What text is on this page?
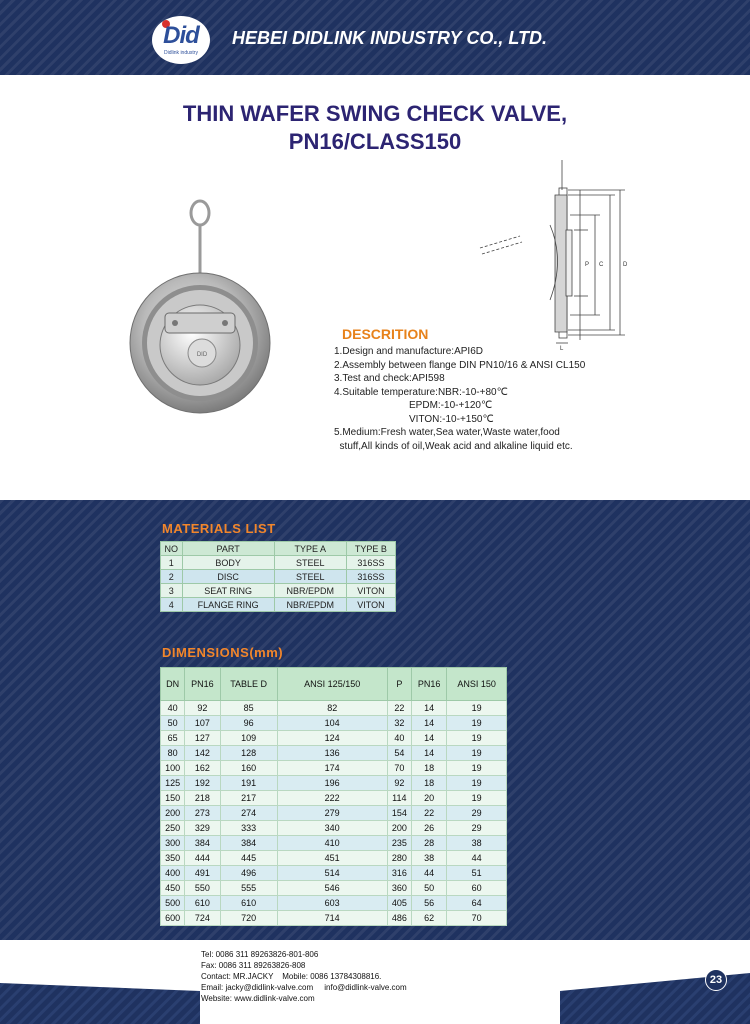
Did
Didlink industry
HEBEI DIDLINK INDUSTRY CO., LTD.
THIN WAFER SWING CHECK VALVE,
PN16/CLASS150
DID
P C	D
L
DESCRITION
1.Design and manufacture:API6D
2.Assembly between flange DIN PN10/16 & ANSI CL150
3.Test and check:API598
4.Suitable temperature:NBR:-10-+80℃
EPDM:-10-+120℃
VITON:-10-+150℃
5.Medium:Fresh water,Sea water,Waste water,food
stuff,All kinds of oil,Weak acid and alkaline liquid etc.
MATERIALS LIST
NO	PART	TYPE A	TYPE B
1	BODY	STEEL	316SS
2	DISC	STEEL	316SS
3	SEAT RING	NBR/EPDM	VITON
4	FLANGE RING	NBR/EPDM	VITON
DIMENSIONS(mm)
DN	PN16	TABLE D	ANSI 125/150	P	PN16	ANSI 150
40	92	85	82	22	14	19
50	107	96	104	32	14	19
65	127	109	124	40	14	19
80	142	128	136	54	14	19
100	162	160	174	70	18	19
125	192	191	196	92	18	19
150	218	217	222	114	20	19
200	273	274	279	154	22	29
250	329	333	340	200	26	29
300	384	384	410	235	28	38
350	444	445	451	280	38	44
400	491	496	514	316	44	51
450	550	555	546	360	50	60
500	610	610	603	405	56	64
600	724	720	714	486	62	70
Tel: 0086 311 89263826-801-806
Fax: 0086 311 89263826-808
Contact: MR.JACKY    Mobile: 0086 13784308816.
Email: jacky@didlink-valve.com     info@didlink-valve.com
Website: www.didlink-valve.com
23
